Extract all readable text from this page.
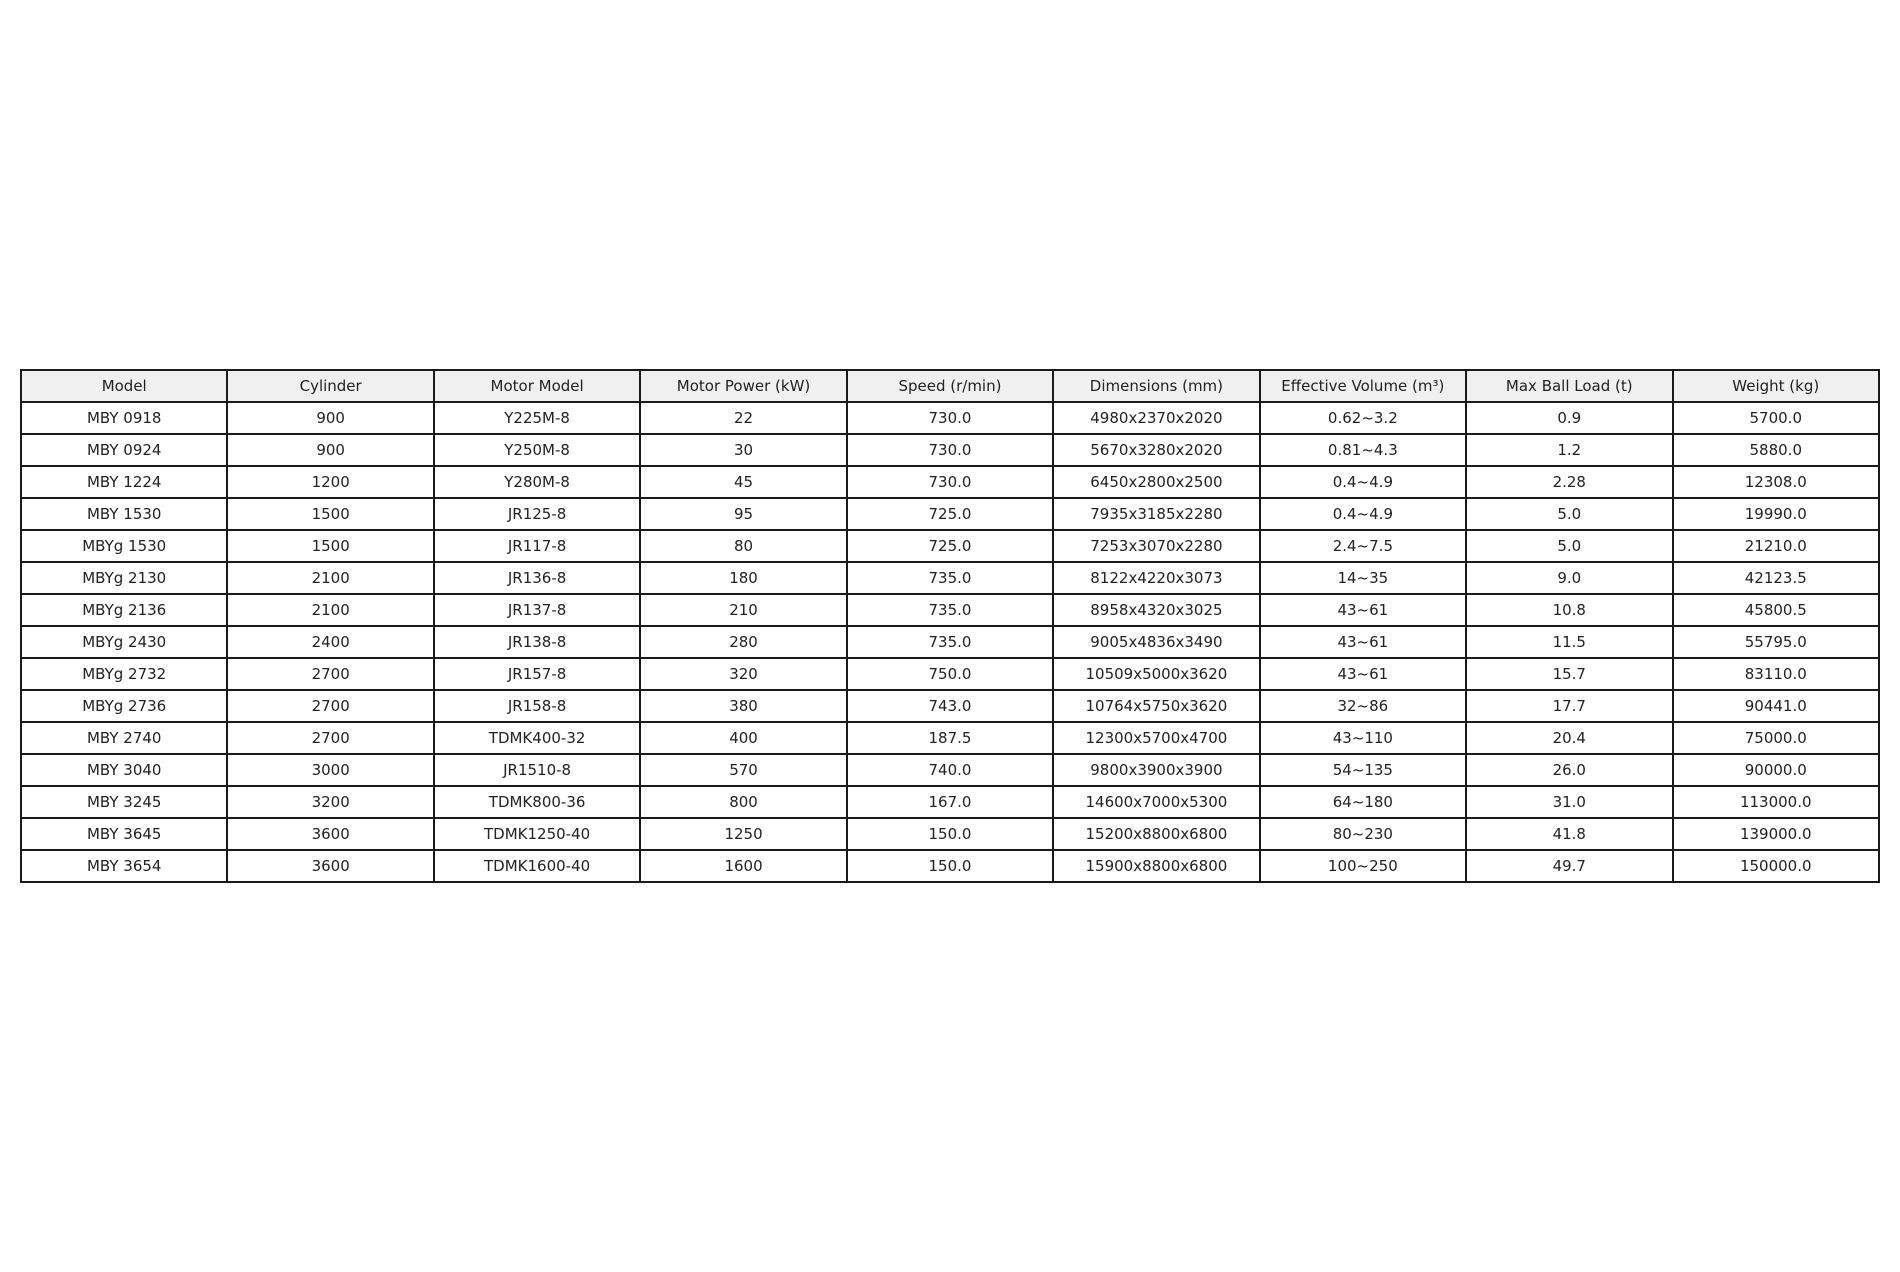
Model	Cylinder	Motor Model	Motor Power (kW)	Speed (r/min)	Dimensions (mm)	Effective Volume (m³)	Max Ball Load (t)	Weight (kg)
MBY 0918	900	Y225M-8	22	730.0	4980x2370x2020	0.62~3.2	0.9	5700.0
MBY 0924	900	Y250M-8	30	730.0	5670x3280x2020	0.81~4.3	1.2	5880.0
MBY 1224	1200	Y280M-8	45	730.0	6450x2800x2500	0.4~4.9	2.28	12308.0
MBY 1530	1500	JR125-8	95	725.0	7935x3185x2280	0.4~4.9	5.0	19990.0
MBYg 1530	1500	JR117-8	80	725.0	7253x3070x2280	2.4~7.5	5.0	21210.0
MBYg 2130	2100	JR136-8	180	735.0	8122x4220x3073	14~35	9.0	42123.5
MBYg 2136	2100	JR137-8	210	735.0	8958x4320x3025	43~61	10.8	45800.5
MBYg 2430	2400	JR138-8	280	735.0	9005x4836x3490	43~61	11.5	55795.0
MBYg 2732	2700	JR157-8	320	750.0	10509x5000x3620	43~61	15.7	83110.0
MBYg 2736	2700	JR158-8	380	743.0	10764x5750x3620	32~86	17.7	90441.0
MBY 2740	2700	TDMK400-32	400	187.5	12300x5700x4700	43~110	20.4	75000.0
MBY 3040	3000	JR1510-8	570	740.0	9800x3900x3900	54~135	26.0	90000.0
MBY 3245	3200	TDMK800-36	800	167.0	14600x7000x5300	64~180	31.0	113000.0
MBY 3645	3600	TDMK1250-40	1250	150.0	15200x8800x6800	80~230	41.8	139000.0
MBY 3654	3600	TDMK1600-40	1600	150.0	15900x8800x6800	100~250	49.7	150000.0
